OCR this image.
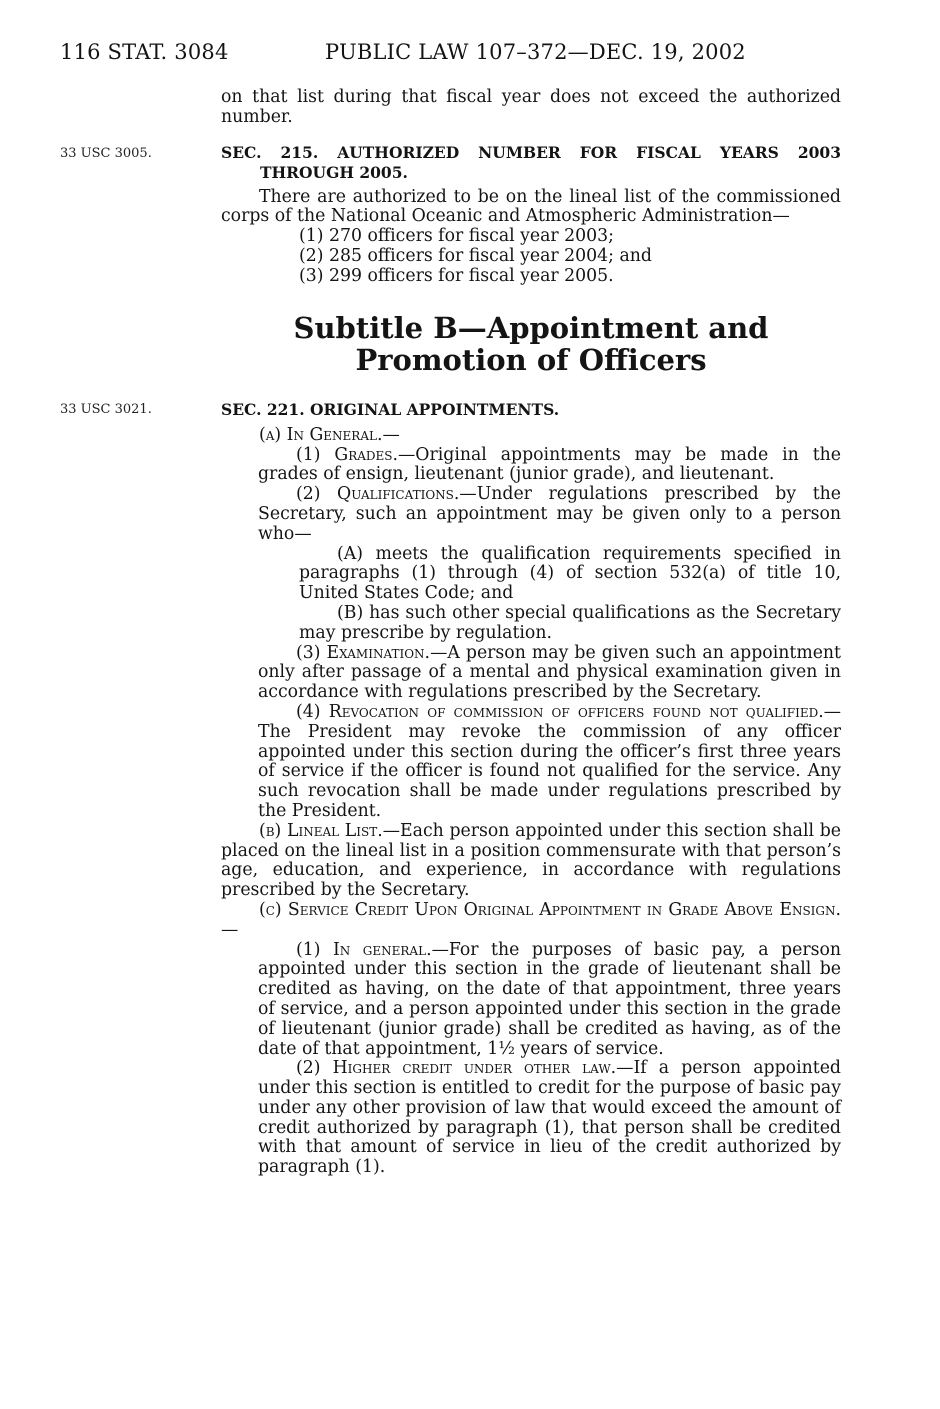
116 STAT. 3084	PUBLIC LAW 107–372—DEC. 19, 2002

on that list during that fiscal year does not exceed the authorized number.

33 USC 3005.	SEC. 215. AUTHORIZED NUMBER FOR FISCAL YEARS 2003 THROUGH 2005.

There are authorized to be on the lineal list of the commissioned corps of the National Oceanic and Atmospheric Administration—

(1) 270 officers for fiscal year 2003;

(2) 285 officers for fiscal year 2004; and

(3) 299 officers for fiscal year 2005.

Subtitle B—Appointment and Promotion of Officers
33 USC 3021.	SEC. 221. ORIGINAL APPOINTMENTS.

(a) In General.—

(1) Grades.—Original appointments may be made in the grades of ensign, lieutenant (junior grade), and lieutenant.

(2) Qualifications.—Under regulations prescribed by the Secretary, such an appointment may be given only to a person who—

(A) meets the qualification requirements specified in paragraphs (1) through (4) of section 532(a) of title 10, United States Code; and

(B) has such other special qualifications as the Secretary may prescribe by regulation.

(3) Examination.—A person may be given such an appointment only after passage of a mental and physical examination given in accordance with regulations prescribed by the Secretary.

(4) Revocation of commission of officers found not qualified.—The President may revoke the commission of any officer appointed under this section during the officer’s first three years of service if the officer is found not qualified for the service. Any such revocation shall be made under regulations prescribed by the President.

(b) Lineal List.—Each person appointed under this section shall be placed on the lineal list in a position commensurate with that person’s age, education, and experience, in accordance with regulations prescribed by the Secretary.

(c) Service Credit Upon Original Appointment in Grade Above Ensign.—

(1) In general.—For the purposes of basic pay, a person appointed under this section in the grade of lieutenant shall be credited as having, on the date of that appointment, three years of service, and a person appointed under this section in the grade of lieutenant (junior grade) shall be credited as having, as of the date of that appointment, 1½ years of service.

(2) Higher credit under other law.—If a person appointed under this section is entitled to credit for the purpose of basic pay under any other provision of law that would exceed the amount of credit authorized by paragraph (1), that person shall be credited with that amount of service in lieu of the credit authorized by paragraph (1).
